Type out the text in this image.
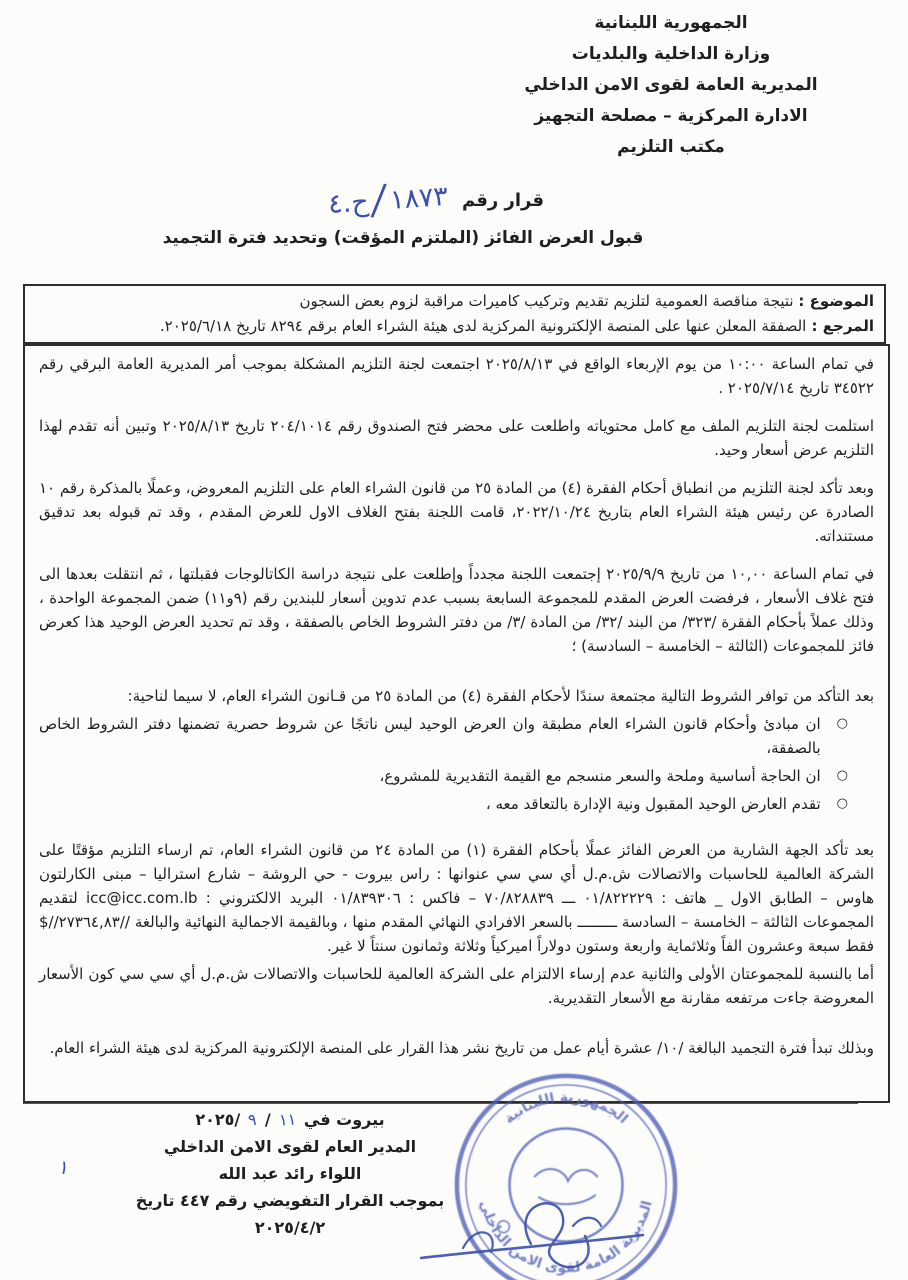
الجمهورية اللبنانية
وزارة الداخلية والبلديات
المديرية العامة لقوى الامن الداخلي
الادارة المركزية – مصلحة التجهيز
مكتب التلزيم
قرار رقم
ح.٤ / ١٨٧٣
قبول العرض الفائز (الملتزم المؤقت) وتحديد فترة التجميد
الموضوع : نتيجة مناقصة العمومية لتلزيم تقديم وتركيب كاميرات مراقبة لزوم بعض السجون
المرجع : الصفقة المعلن عنها على المنصة الإلكترونية المركزية لدى هيئة الشراء العام برقم ٨٢٩٤ تاريخ ٢٠٢٥/٦/١٨.

في تمام الساعة ١٠:٠٠ من يوم الإربعاء الواقع في ٢٠٢٥/٨/١٣ اجتمعت لجنة التلزيم المشكلة بموجب أمر المديرية العامة البرقي رقم ٣٤٥٢٢ تاريخ ٢٠٢٥/٧/١٤ .

استلمت لجنة التلزيم الملف مع كامل محتوياته واطلعت على محضر فتح الصندوق رقم ٢٠٤/١٠١٤ تاريخ ٢٠٢٥/٨/١٣ وتبين أنه تقدم لهذا التلزيم عرض أسعار وحيد.

وبعد تأكد لجنة التلزيم من انطباق أحكام الفقرة (٤) من المادة ٢٥ من قانون الشراء العام على التلزيم المعروض، وعملًا بالمذكرة رقم ١٠ الصادرة عن رئيس هيئة الشراء العام بتاريخ ٢٠٢٢/١٠/٢٤، قامت اللجنة بفتح الغلاف الاول للعرض المقدم ، وقد تم قبوله بعد تدقيق مستنداته.

في تمام الساعة ١٠,٠٠ من تاريخ ٢٠٢٥/٩/٩ إجتمعت اللجنة مجدداً وإطلعت على نتيجة دراسة الكاتالوجات فقبلتها ، ثم انتقلت بعدها الى فتح غلاف الأسعار ، فرفضت العرض المقدم للمجموعة السابعة بسبب عدم تدوين أسعار للبندين رقم (٩و١١) ضمن المجموعة الواحدة ، وذلك عملاً بأحكام الفقرة /٣٢٣/ من البند /٣٢/ من المادة /٣/ من دفتر الشروط الخاص بالصفقة ، وقد تم تحديد العرض الوحيد هذا كعرض فائز للمجموعات (الثالثة – الخامسة – السادسة) ؛

بعد التأكد من توافر الشروط التالية مجتمعة سندًا لأحكام الفقرة (٤) من المادة ٢٥ من قـانون الشراء العام، لا سيما لناحية:

○
ان مبادئ وأحكام قانون الشراء العام مطبقة وان العرض الوحيد ليس ناتجًا عن شروط حصرية تضمنها دفتر الشروط الخاص بالصفقة،
○
ان الحاجة أساسية وملحة والسعر منسجم مع القيمة التقديرية للمشروع،
○
تقدم العارض الوحيد المقبول ونية الإدارة بالتعاقد معه ،

بعد تأكد الجهة الشارية من العرض الفائز عملًا بأحكام الفقرة (١) من المادة ٢٤ من قانون الشراء العام، تم ارساء التلزيم مؤقتًا على الشركة العالمية للحاسبات والاتصالات ش.م.ل أي سي سي عنوانها : راس بيروت - حي الروشة – شارع استراليا – مبنى الكارلتون هاوس – الطابق الاول _ هاتف : ٠١/٨٢٢٢٢٩ ـــ ٧٠/٨٢٨٨٣٩ – فاكس : ٠١/٨٣٩٣٠٦ البريد الالكتروني : icc@icc.com.lb لتقديم المجموعات الثالثة – الخامسة – السادسة ـــــــــ بالسعر الافرادي النهائي المقدم منها ، وبالقيمة الاجمالية النهائية والبالغة //٢٧٣٦٤,٨٣//$ فقط سبعة وعشرون الفاً وثلاثماية واربعة وستون دولاراً اميركياً وثلاثة وثمانون سنتاً لا غير.

أما بالنسبة للمجموعتان الأولى والثانية عدم إرساء الالتزام على الشركة العالمية للحاسبات والاتصالات ش.م.ل أي سي سي كون الأسعار المعروضة جاءت مرتفعه مقارنة مع الأسعار التقديرية.

وبذلك تبدأ فترة التجميد البالغة /١٠/ عشرة أيام عمل من تاريخ نشر هذا القرار على المنصة الإلكترونية المركزية لدى هيئة الشراء العام.

بيروت في
١١
/
٩
/٢٠٢٥
المدير العام لقوى الامن الداخلي
اللواء رائد عبد الله
بموجب القرار التفويضي رقم ٤٤٧ تاريخ ٢٠٢٥/٤/٢
١
الجمهورية اللبنانية
المديرية العامة لقوى الامن الداخلي
